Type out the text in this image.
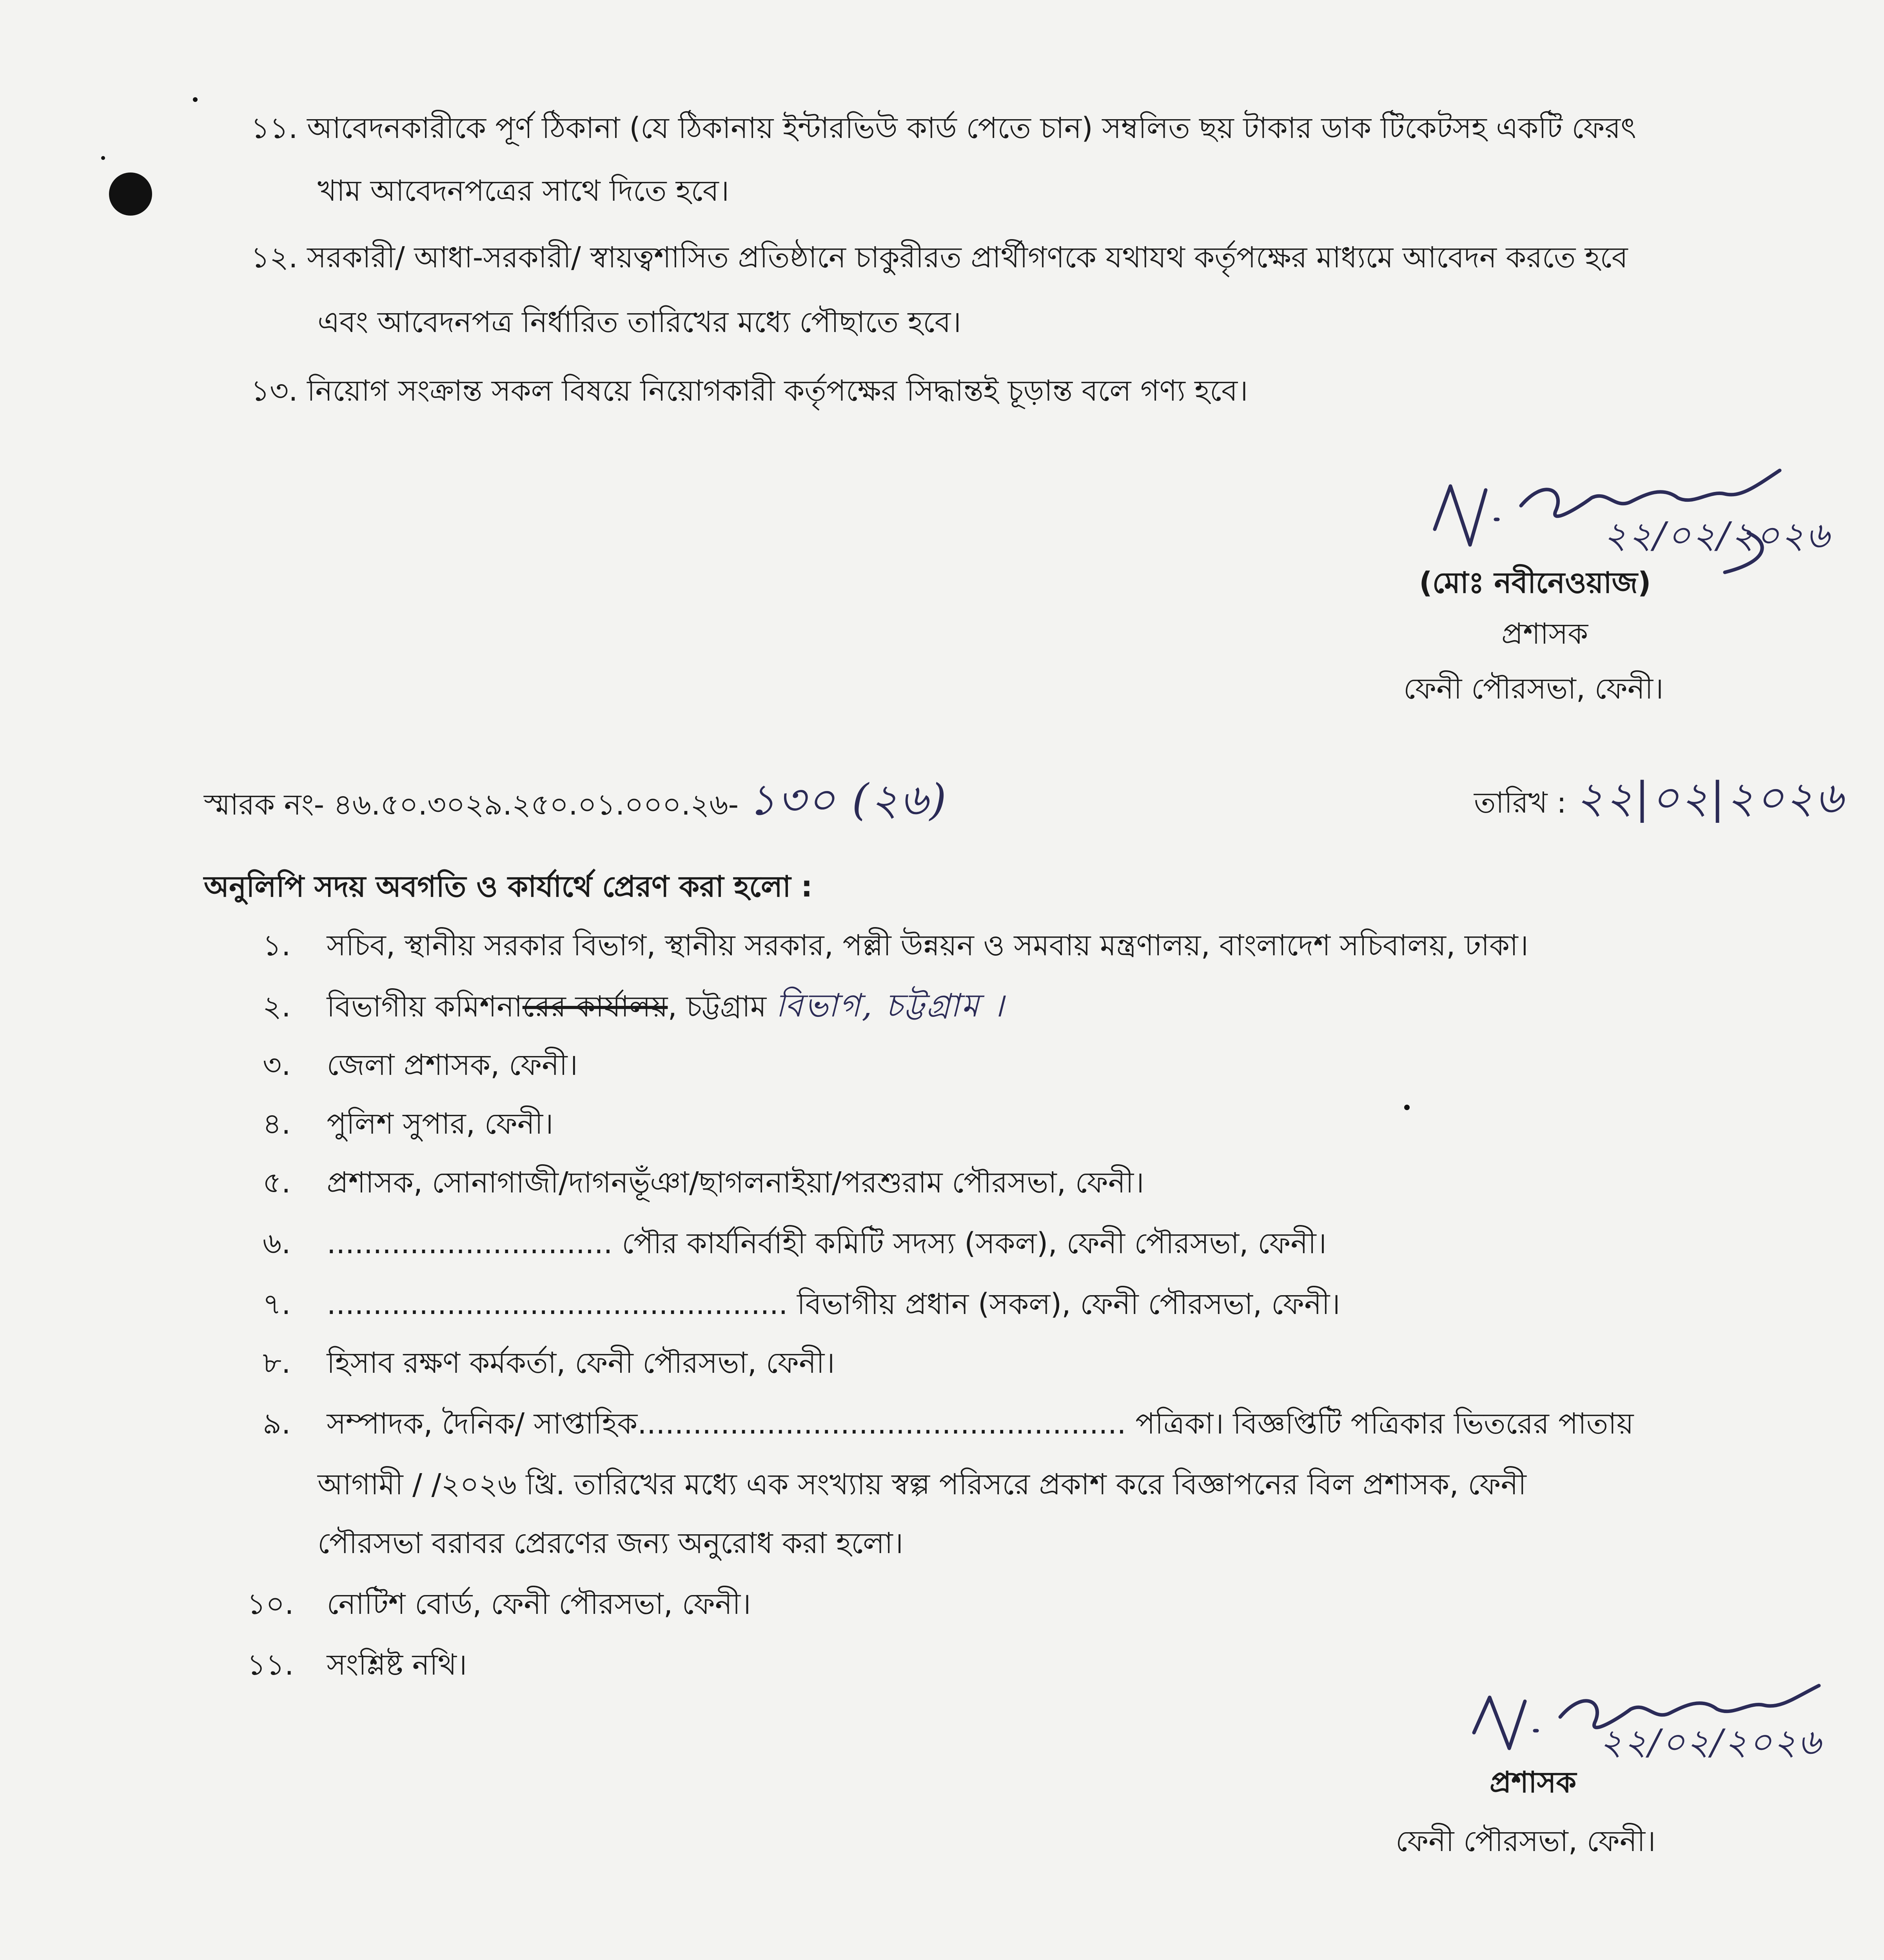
১১. আবেদনকারীকে পূর্ণ ঠিকানা (যে ঠিকানায় ইন্টারভিউ কার্ড পেতে চান) সম্বলিত ছয় টাকার ডাক টিকেটসহ একটি ফেরৎ
খাম আবেদনপত্রের সাথে দিতে হবে।
১২. সরকারী/ আধা-সরকারী/ স্বায়ত্বশাসিত প্রতিষ্ঠানে চাকুরীরত প্রার্থীগণকে যথাযথ কর্তৃপক্ষের মাধ্যমে আবেদন করতে হবে
এবং আবেদনপত্র নির্ধারিত তারিখের মধ্যে পৌছাতে হবে।
১৩. নিয়োগ সংক্রান্ত সকল বিষয়ে নিয়োগকারী কর্তৃপক্ষের সিদ্ধান্তই চূড়ান্ত বলে গণ্য হবে।
২২/০২/২০২৬
(মোঃ নবীনেওয়াজ)
প্রশাসক
ফেনী পৌরসভা, ফেনী।
স্মারক নং- ৪৬.৫০.৩০২৯.২৫০.০১.০০০.২৬- ১৩০ (২৬)	তারিখ : ২২|০২|২০২৬
অনুলিপি সদয় অবগতি ও কার্যার্থে প্রেরণ করা হলো :
১. সচিব, স্থানীয় সরকার বিভাগ, স্থানীয় সরকার, পল্লী উন্নয়ন ও সমবায় মন্ত্রণালয়, বাংলাদেশ সচিবালয়, ঢাকা।
২. বিভাগীয় কমিশনারের কার্যালয়, চট্টগ্রাম বিভাগ, চট্টগ্রাম ।
৩. জেলা প্রশাসক, ফেনী।
৪. পুলিশ সুপার, ফেনী।
৫. প্রশাসক, সোনাগাজী/দাগনভূঁঞা/ছাগলনাইয়া/পরশুরাম পৌরসভা, ফেনী।
৬. ............................... পৌর কার্যনির্বাহী কমিটি সদস্য (সকল), ফেনী পৌরসভা, ফেনী।
৭. .................................................. বিভাগীয় প্রধান (সকল), ফেনী পৌরসভা, ফেনী।
৮. হিসাব রক্ষণ কর্মকর্তা, ফেনী পৌরসভা, ফেনী।
৯. সম্পাদক, দৈনিক/ সাপ্তাহিক..................................................... পত্রিকা। বিজ্ঞপ্তিটি পত্রিকার ভিতরের পাতায়
আগামী / /২০২৬ খ্রি. তারিখের মধ্যে এক সংখ্যায় স্বল্প পরিসরে প্রকাশ করে বিজ্ঞাপনের বিল প্রশাসক, ফেনী
পৌরসভা বরাবর প্রেরণের জন্য অনুরোধ করা হলো।
১০. নোটিশ বোর্ড, ফেনী পৌরসভা, ফেনী।
১১. সংশ্লিষ্ট নথি।
২২/০২/২০২৬
প্রশাসক
ফেনী পৌরসভা, ফেনী।
